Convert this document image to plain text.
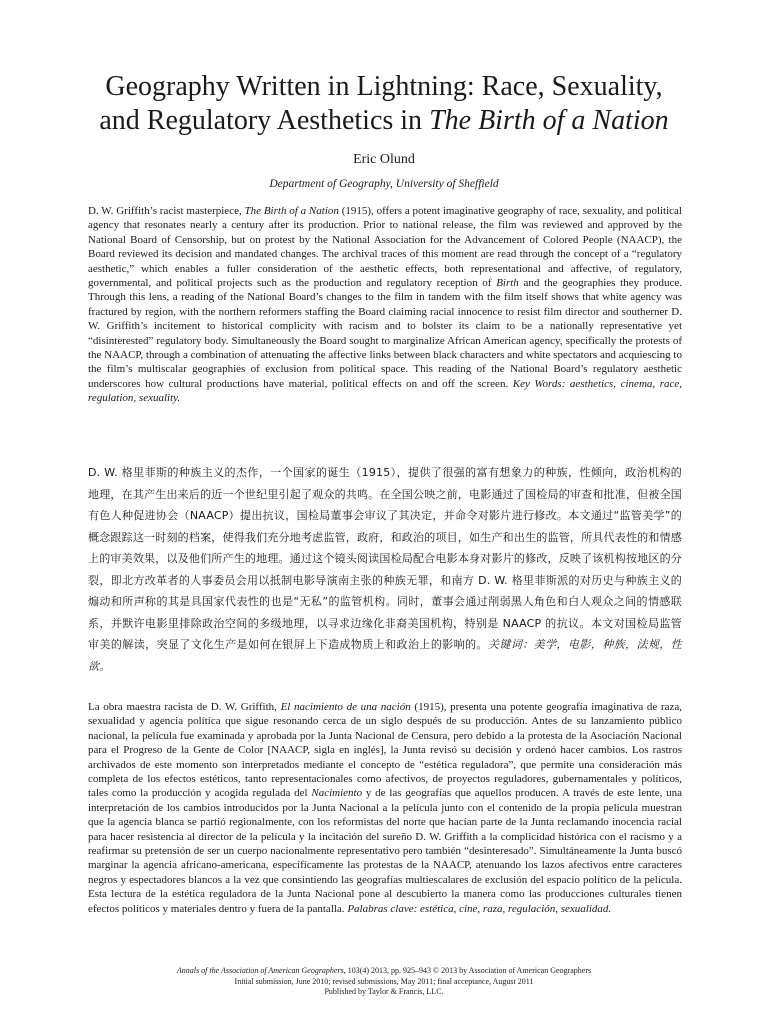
Geography Written in Lightning: Race, Sexuality,
and Regulatory Aesthetics in The Birth of a Nation
Eric Olund
Department of Geography, University of Sheffield

D. W. Griffith’s racist masterpiece, The Birth of a Nation (1915), offers a potent imaginative geography of race, sexuality, and political agency that resonates nearly a century after its production. Prior to national release, the film was reviewed and approved by the National Board of Censorship, but on protest by the National Association for the Advancement of Colored People (NAACP), the Board reviewed its decision and mandated changes. The archival traces of this moment are read through the concept of a “regulatory aesthetic,” which enables a fuller consideration of the aesthetic effects, both representational and affective, of regulatory, governmental, and political projects such as the production and regulatory reception of Birth and the geographies they produce. Through this lens, a reading of the National Board’s changes to the film in tandem with the film itself shows that white agency was fractured by region, with the northern reformers staffing the Board claiming racial innocence to resist film director and southerner D. W. Griffith’s incitement to historical complicity with racism and to bolster its claim to be a nationally representative yet “disinterested” regulatory body. Simultaneously the Board sought to marginalize African American agency, specifically the protests of the NAACP, through a combination of attenuating the affective links between black characters and white spectators and acquiescing to the film’s multiscalar geographies of exclusion from political space. This reading of the National Board’s regulatory aesthetic underscores how cultural productions have material, political effects on and off the screen. Key Words: aesthetics, cinema, race, regulation, sexuality.

D. W. 格里菲斯的种族主义的杰作，一个国家的诞生（1915），提供了很强的富有想象力的种族，性倾向，政治机构的地理，在其产生出来后的近一个世纪里引起了观众的共鸣。在全国公映之前，电影通过了国检局的审查和批准，但被全国有色人种促进协会（NAACP）提出抗议，国检局董事会审议了其决定，并命令对影片进行修改。本文通过“监管美学”的概念跟踪这一时刻的档案，使得我们充分地考虑监管，政府，和政治的项目，如生产和出生的监管，所具代表性的和情感上的审美效果，以及他们所产生的地理。通过这个镜头阅读国检局配合电影本身对影片的修改，反映了该机构按地区的分裂，即北方改革者的人事委员会用以抵制电影导演南主张的种族无罪，和南方 D. W. 格里菲斯派的对历史与种族主义的煽动和所声称的其是具国家代表性的也是“无私”的监管机构。同时，董事会通过削弱黑人角色和白人观众之间的情感联系，并默许电影里排除政治空间的多级地理，以寻求边缘化非裔美国机构，特别是 NAACP 的抗议。本文对国检局监管审美的解读，突显了文化生产是如何在银屏上下造成物质上和政治上的影响的。关键词：美学，电影，种族，法规，性欲。

La obra maestra racista de D. W. Griffith, El nacimiento de una nación (1915), presenta una potente geografía imaginativa de raza, sexualidad y agencia política que sigue resonando cerca de un siglo después de su producción. Antes de su lanzamiento público nacional, la película fue examinada y aprobada por la Junta Nacional de Censura, pero debido a la protesta de la Asociación Nacional para el Progreso de la Gente de Color [NAACP, sigla en inglés], la Junta revisó su decisión y ordenó hacer cambios. Los rastros archivados de este momento son interpretados mediante el concepto de “estética reguladora”, que permite una consideración más completa de los efectos estéticos, tanto representacionales como afectivos, de proyectos reguladores, gubernamentales y políticos, tales como la producción y acogida regulada del Nacimiento y de las geografías que aquellos producen. A través de este lente, una interpretación de los cambios introducidos por la Junta Nacional a la película junto con el contenido de la propia película muestran que la agencia blanca se partió regionalmente, con los reformistas del norte que hacían parte de la Junta reclamando inocencia racial para hacer resistencia al director de la película y la incitación del sureño D. W. Griffith a la complicidad histórica con el racismo y a reafirmar su pretensión de ser un cuerpo nacionalmente representativo pero también “desinteresado”. Simultáneamente la Junta buscó marginar la agencia africano-americana, específicamente las protestas de la NAACP, atenuando los lazos afectivos entre caracteres negros y espectadores blancos a la vez que consintiendo las geografías multiescalares de exclusión del espacio político de la película. Esta lectura de la estética reguladora de la Junta Nacional pone al descubierto la manera como las producciones culturales tienen efectos políticos y materiales dentro y fuera de la pantalla. Palabras clave: estética, cine, raza, regulación, sexualidad.

Annals of the Association of American Geographers, 103(4) 2013, pp. 925–943 © 2013 by Association of American Geographers
Initial submission, June 2010; revised submissions, May 2011; final acceptance, August 2011
Published by Taylor & Francis, LLC.
